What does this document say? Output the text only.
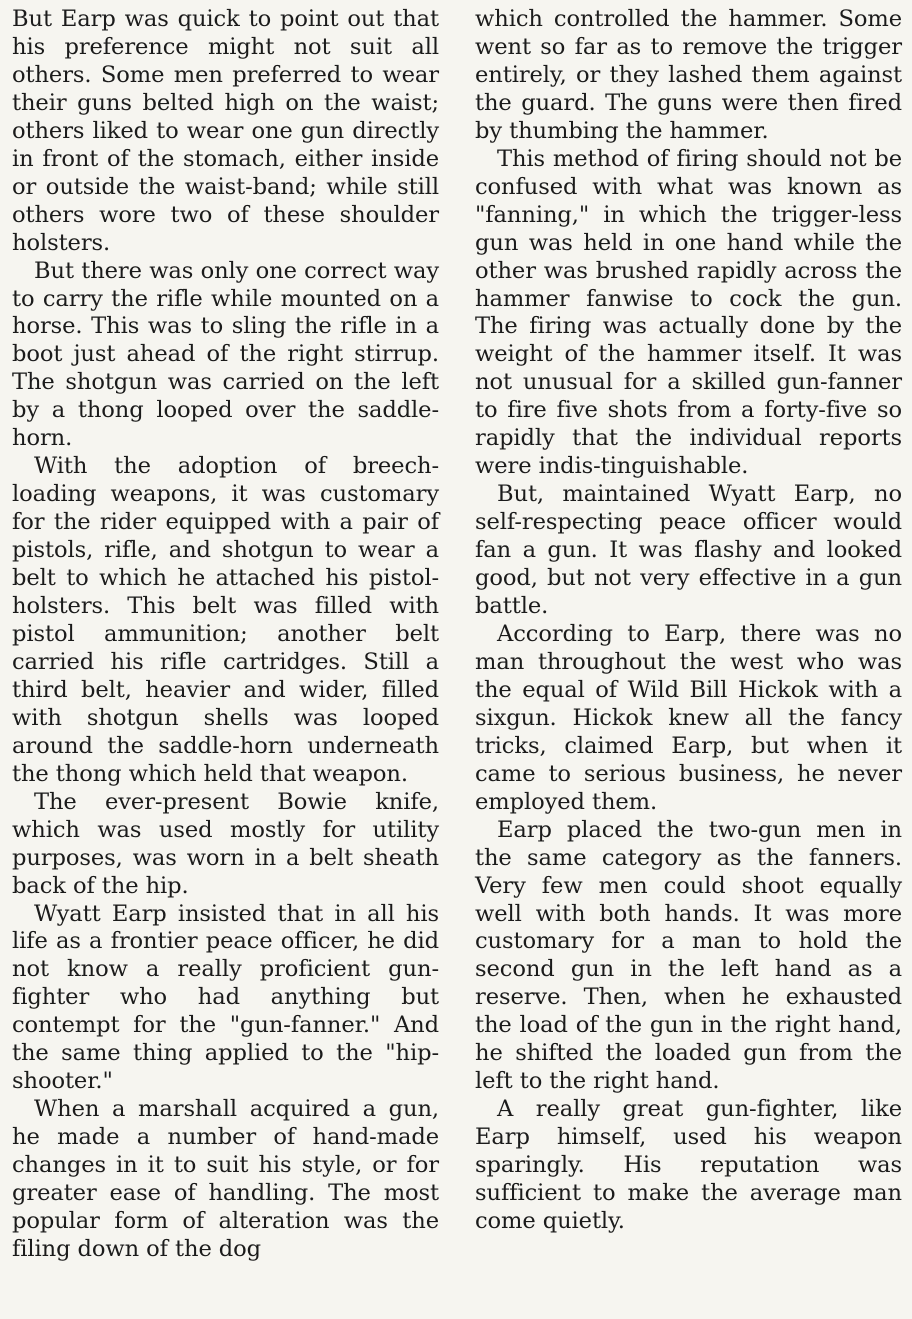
But Earp was quick to point out that his preference might not suit all others. Some men preferred to wear their guns belted high on the waist; others liked to wear one gun directly in front of the stomach, either inside or outside the waist-band; while still others wore two of these shoulder holsters.

But there was only one correct way to carry the rifle while mounted on a horse. This was to sling the rifle in a boot just ahead of the right stirrup. The shotgun was carried on the left by a thong looped over the saddle-horn.

With the adoption of breech-loading weapons, it was customary for the rider equipped with a pair of pistols, rifle, and shotgun to wear a belt to which he attached his pistol-holsters. This belt was filled with pistol ammunition; another belt carried his rifle cartridges. Still a third belt, heavier and wider, filled with shotgun shells was looped around the saddle-horn underneath the thong which held that weapon.

The ever-present Bowie knife, which was used mostly for utility purposes, was worn in a belt sheath back of the hip.

Wyatt Earp insisted that in all his life as a frontier peace officer, he did not know a really proficient gun-fighter who had anything but contempt for the "gun-fanner." And the same thing applied to the "hip-shooter."

When a marshall acquired a gun, he made a number of hand-made changes in it to suit his style, or for greater ease of handling. The most popular form of alteration was the filing down of the dog

which controlled the hammer. Some went so far as to remove the trigger entirely, or they lashed them against the guard. The guns were then fired by thumbing the hammer.

This method of firing should not be confused with what was known as "fanning," in which the trigger-less gun was held in one hand while the other was brushed rapidly across the hammer fanwise to cock the gun. The firing was actually done by the weight of the hammer itself. It was not unusual for a skilled gun-fanner to fire five shots from a forty-five so rapidly that the individual reports were indis-tinguishable.

But, maintained Wyatt Earp, no self-respecting peace officer would fan a gun. It was flashy and looked good, but not very effective in a gun battle.

According to Earp, there was no man throughout the west who was the equal of Wild Bill Hickok with a sixgun. Hickok knew all the fancy tricks, claimed Earp, but when it came to serious business, he never employed them.

Earp placed the two-gun men in the same category as the fanners. Very few men could shoot equally well with both hands. It was more customary for a man to hold the second gun in the left hand as a reserve. Then, when he exhausted the load of the gun in the right hand, he shifted the loaded gun from the left to the right hand.

A really great gun-fighter, like Earp himself, used his weapon sparingly. His reputation was sufficient to make the average man come quietly.
